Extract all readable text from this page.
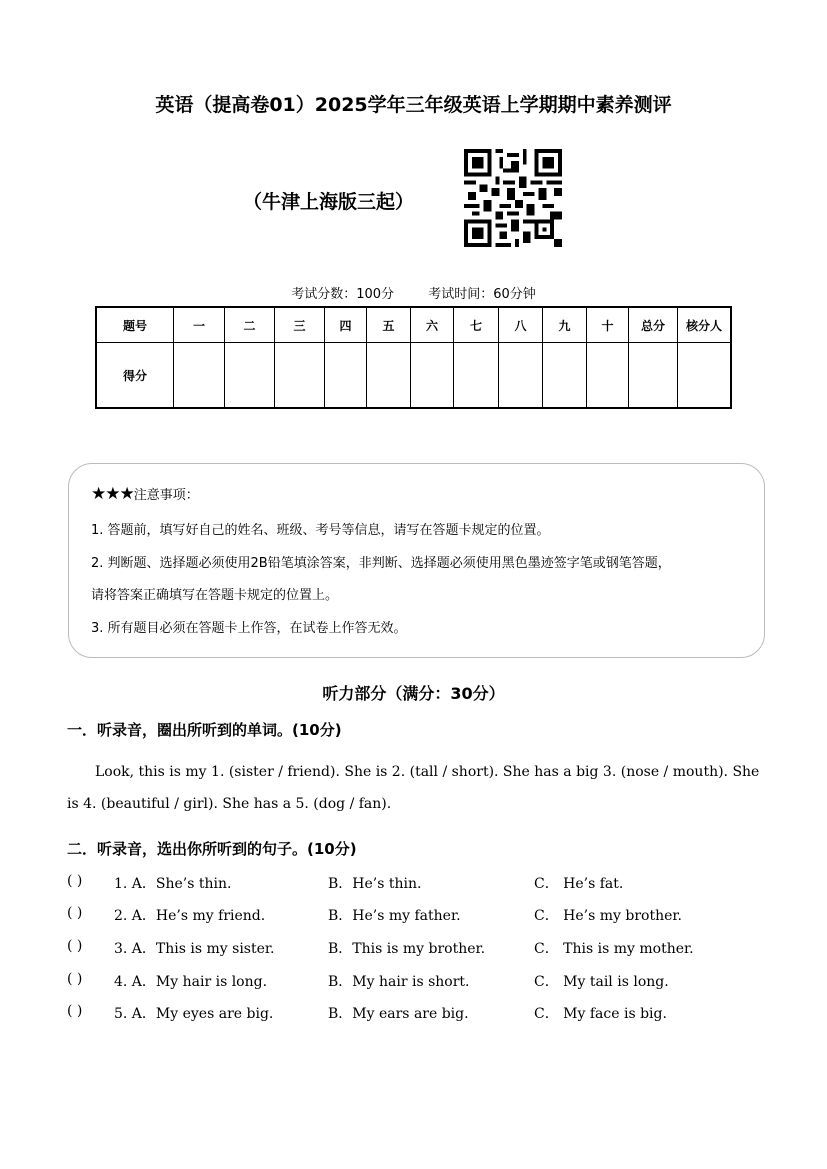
英语（提高卷01）2025学年三年级英语上学期期中素养测评
（牛津上海版三起）
考试分数：100分	考试时间：60分钟
题号	一	二	三	四	五	六	七	八	九	十	总分	核分人
得分												
★★★注意事项：
1. 答题前，填写好自己的姓名、班级、考号等信息，请写在答题卡规定的位置。
2. 判断题、选择题必须使用2B铅笔填涂答案，非判断、选择题必须使用黑色墨迹签字笔或钢笔答题，
请将答案正确填写在答题卡规定的位置上。
3. 所有题目必须在答题卡上作答，在试卷上作答无效。
听力部分（满分：30分）
一．听录音，圈出所听到的单词。(10分)
Look, this is my 1. (sister / friend). She is 2. (tall / short). She has a big 3. (nose / mouth). She is 4. (beautiful / girl). She has a 5. (dog / fan).
二．听录音，选出你所听到的句子。(10分)
( ) 1. A．She’s thin.	B．He’s thin.	C． He’s fat.
( ) 2. A．He’s my friend.	B．He’s my father.	C． He’s my brother.
( ) 3. A．This is my sister.	B．This is my brother.	C． This is my mother.
( ) 4. A．My hair is long.	B．My hair is short.	C． My tail is long.
( ) 5. A．My eyes are big.	B．My ears are big.	C． My face is big.
